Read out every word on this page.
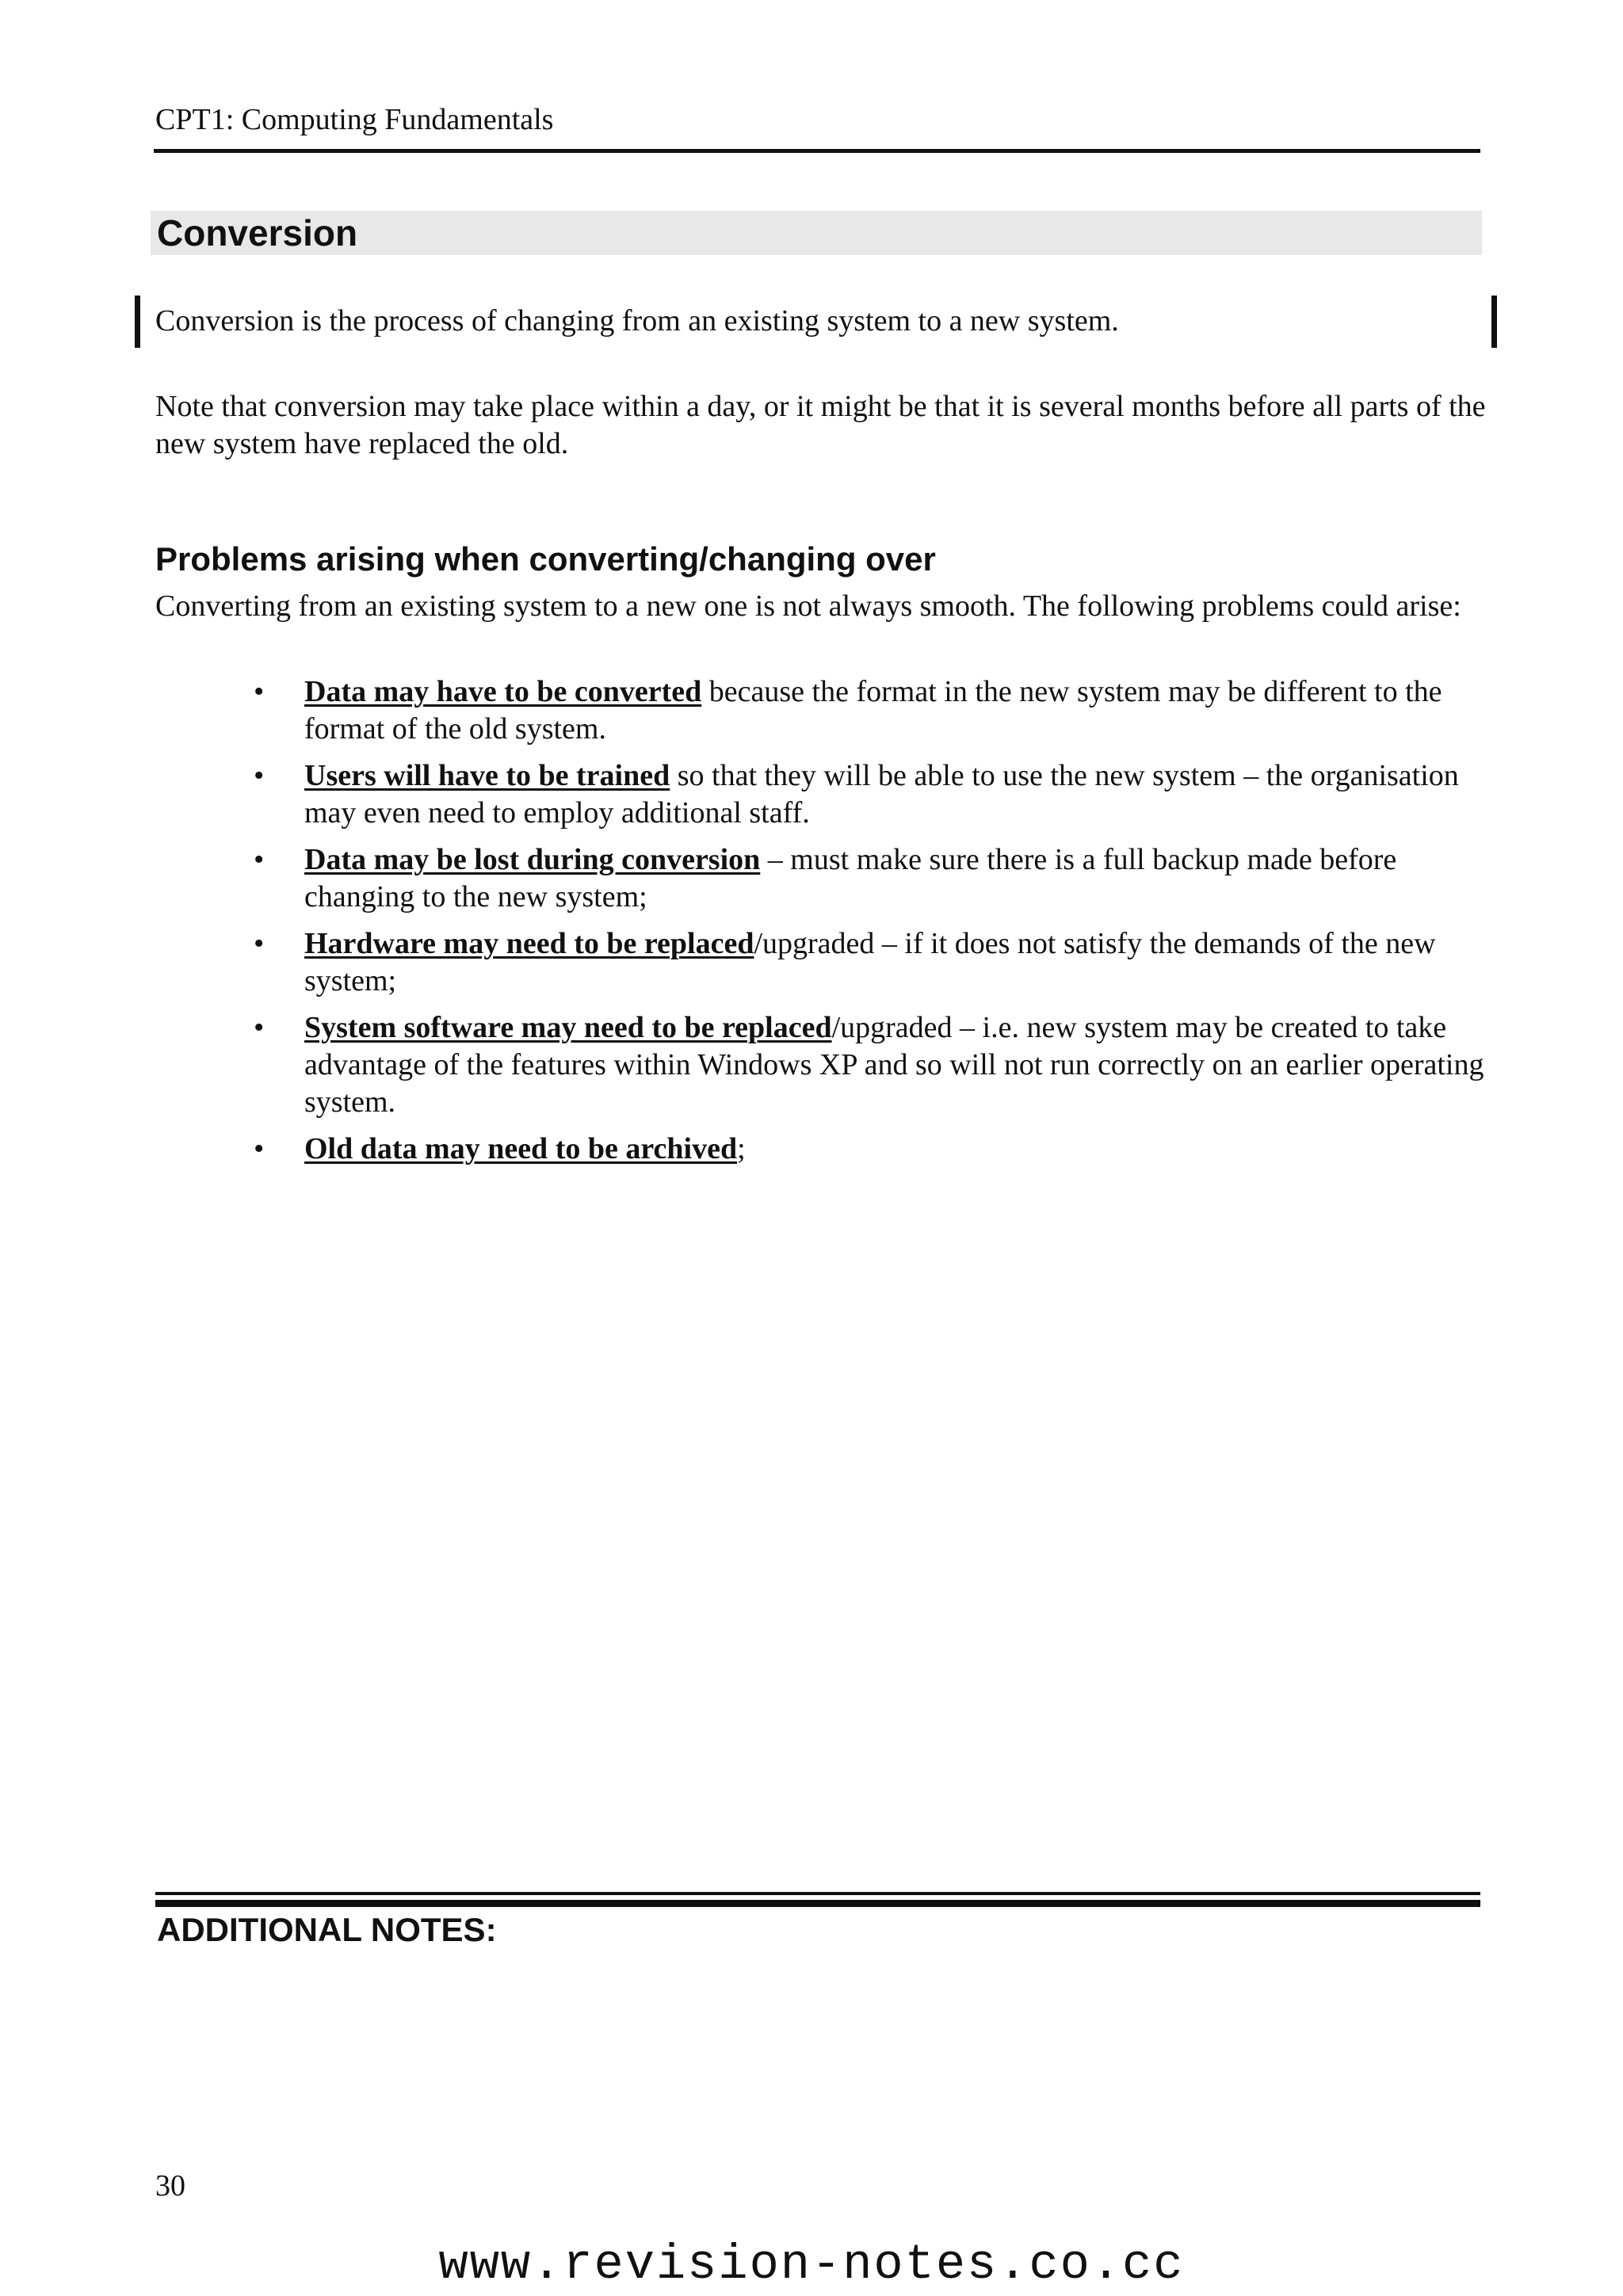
CPT1: Computing Fundamentals
Conversion
Conversion is the process of changing from an existing system to a new system.
Note that conversion may take place within a day, or it might be that it is several months before all parts of the new system have replaced the old.
Problems arising when converting/changing over
Converting from an existing system to a new one is not always smooth. The following problems could arise:
• Data may have to be converted because the format in the new system may be different to the format of the old system.
• Users will have to be trained so that they will be able to use the new system – the organisation may even need to employ additional staff.
• Data may be lost during conversion – must make sure there is a full backup made before changing to the new system;
• Hardware may need to be replaced/upgraded – if it does not satisfy the demands of the new system;
• System software may need to be replaced/upgraded – i.e. new system may be created to take advantage of the features within Windows XP and so will not run correctly on an earlier operating system.
• Old data may need to be archived;
ADDITIONAL NOTES:
30
www.revision-notes.co.cc
